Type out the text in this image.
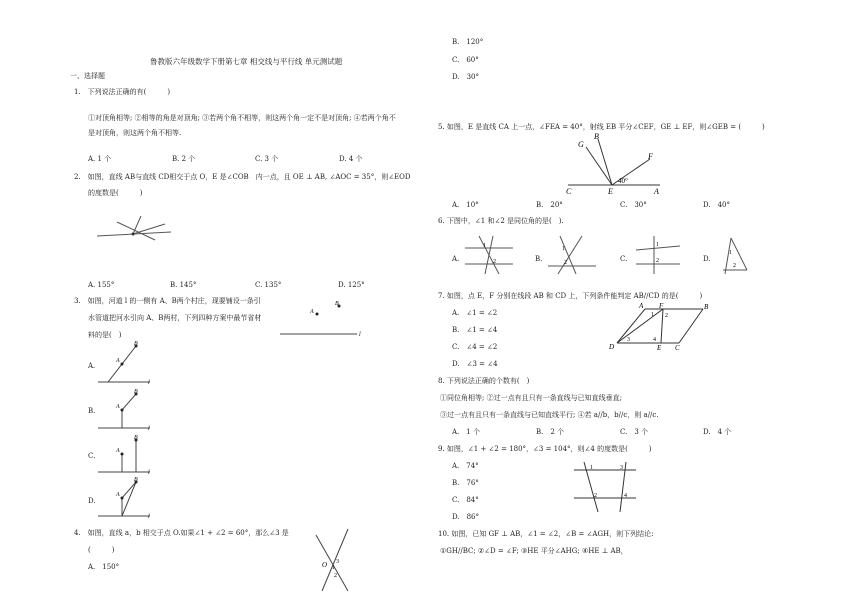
鲁教版六年级数学下册第七章 相交线与平行线 单元测试题
一、选择题
1.　下列说法正确的有(　　　)
①对顶角相等; ②相等的角是对顶角; ③若两个角不相等，则这两个角一定不是对顶角; ④若两个角不
是对顶角，则这两个角不相等.
A. 1 个	B. 2 个	C. 3 个	D. 4 个
2.　如图，直线 AB与直线 CD相交于点 O，E 是∠COB　内一点，且 OE ⊥ AB, ∠AOC = 35°，则∠EOD
的度数是(　　　)
A. 155°	B. 145°	C. 135°	D. 125°
3.　如图，河道 l 的一侧有 A、B两个村庄，现要铺设一条引
水管道把河水引向 A、B两村，下列四种方案中最节省材
料的是(　)
A
B
l
A.
A
B
l
B.	A
B
l
C.
A
B
l
D.
A
B
l
4.　如图，直线 a，b 相交于点 O.如果∠1 + ∠2 = 60°，那么∠3 是
(　　　)
A.　150°	O 1
3
2
B.　120°
C.　60°
D.　30°
5. 如图，E 是直线 CA 上一点，∠FEA = 40°，射线 EB 平分∠CEF，GE ⊥ EF，则∠GEB = (　　　)
G
B
F
C	E	A
40°
A.　10°	B.　20°	C.　30°	D.　40°
6. 下图中，∠1 和∠2 是同位角的是(　).
A.
1
2	B.
1
2	C.
1
2	D.
1
2
7. 如图，点 E，F 分别在线段 AB 和 CD 上，下列条件能判定 AB//CD 的是(　　　)
A.　∠1 = ∠2
B.　∠1 = ∠4
C.　∠4 = ∠2
D.　∠3 = ∠4
A F	B
D	E C
1 2
3	4
8. 下列说法正确的个数有(　)
①同位角相等; ②过一点有且只有一条直线与已知直线垂直;
③过一点有且只有一条直线与已知直线平行; ④若 a//b，b//c，则 a//c.
A.　1 个	B.　2 个	C.　3 个	D.　4 个
9. 如图，∠1 + ∠2 = 180°，∠3 = 104°，则∠4 的度数是(　　　)
A.　74°
B.　76°
C.　84°
D.　86°
1
2
3
4
10. 如图，已知 GF ⊥ AB，∠1 = ∠2，∠B = ∠AGH，则下列结论:
①GH//BC; ②∠D = ∠F; ③HE 平分∠AHG; ④HE ⊥ AB，
